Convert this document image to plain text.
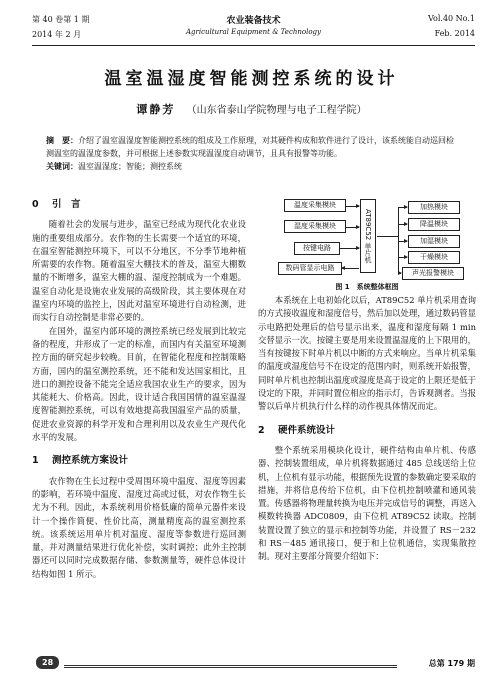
第 40 卷第 1 期
2014 年 2 月
农业装备技术
Agricultural Equipment & Technology
Vol.40 No.1
Feb. 2014
温室温湿度智能测控系统的设计
谭静芳 （山东省泰山学院物理与电子工程学院）
摘　要：介绍了温室温湿度智能测控系统的组成及工作原理，对其硬件构成和软件进行了设计，该系统能自动巡回检测温室的温湿度参数，并可根据上述参数实现温湿度自动调节，且具有报警等功能。
关键词：温室温湿度；智能；测控系统
0 引　言

随着社会的发展与进步，温室已经成为现代化农业设施的重要组成部分。农作物的生长需要一个适宜的环境，在温室智能测控环境下，可以不分地区，不分季节地种植所需要的农作物。随着温室大棚技术的普及，温室大棚数量的不断增多，温室大棚的温、湿度控制成为一个难题。温室自动化是设施农业发展的高级阶段，其主要体现在对温室内环境的监控上，因此对温室环境进行自动检测，进而实行自动控制是非常必要的。

在国外，温室内部环境的测控系统已经发展到比较完备的程度，并形成了一定的标准，而国内有关温室环境测控方面的研究起步较晚。目前，在智能化程度和控制策略方面，国内的温室测控系统，还不能和发达国家相比，且进口的测控设备不能完全适应我国农业生产的要求，因为其能耗大、价格高。因此，设计适合我国国情的温室温湿度智能测控系统，可以有效地提高我国温室产品的质量，促进农业资源的科学开发和合理利用以及农业生产现代化水平的发展。

1 测控系统方案设计

农作物在生长过程中受周围环境中温度、湿度等因素的影响，若环境中温度、湿度过高或过低，对农作物生长尤为不利。因此，本系统利用价格低廉的简单元器件来设计一个操作简便、性价比高，测量精度高的温室测控系统。该系统运用单片机对温度、湿度等参数进行巡回测量，并对测量结果进行优化补偿，实时调控；此外主控制器还可以同时完成数据存储、参数测量等，硬件总体设计结构如图 1 所示。

温度采集模块
湿度采集模块
按键电路
数码管显示电路
AT89C52 单片机
加热模块
降温模块
加湿模块
干燥模块
声光报警模块
图 1　系统整体框图

本系统在上电初始化以后，AT89C52 单片机采用查询的方式接收温度和湿度信号，然后加以处理，通过数码管显示电路把处理后的信号显示出来，温度和湿度每隔 1 min 交替显示一次。按键主要是用来设置温湿度的上下限用的，当有按键按下时单片机以中断的方式来响应。当单片机采集的温度或湿度信号不在设定的范围内时，则系统开始报警，同时单片机也控制出温度或湿度是高于设定的上限还是低于设定的下限，并同时置位相应的指示灯，告诉观测者。当报警以后单片机执行什么样的动作视具体情况而定。

2 硬件系统设计

整个系统采用模块化设计，硬件结构由单片机、传感器、控制装置组成，单片机将数据通过 485 总线送给上位机，上位机有显示功能，根据预先设置的参数确定要采取的措施，并将信息传给下位机，由下位机控制喷灌和通风装置。传感器将物理量转换为电压并完成信号的调整，再送入模数转换器 ADC0809，由下位机 AT89C52 读取。控制装置设置了独立的显示和控制等功能，并设置了 RS－232 和 RS－485 通讯接口，便于和上位机通信，实现集散控制。现对主要部分简要介绍如下：

28	总第 179 期
